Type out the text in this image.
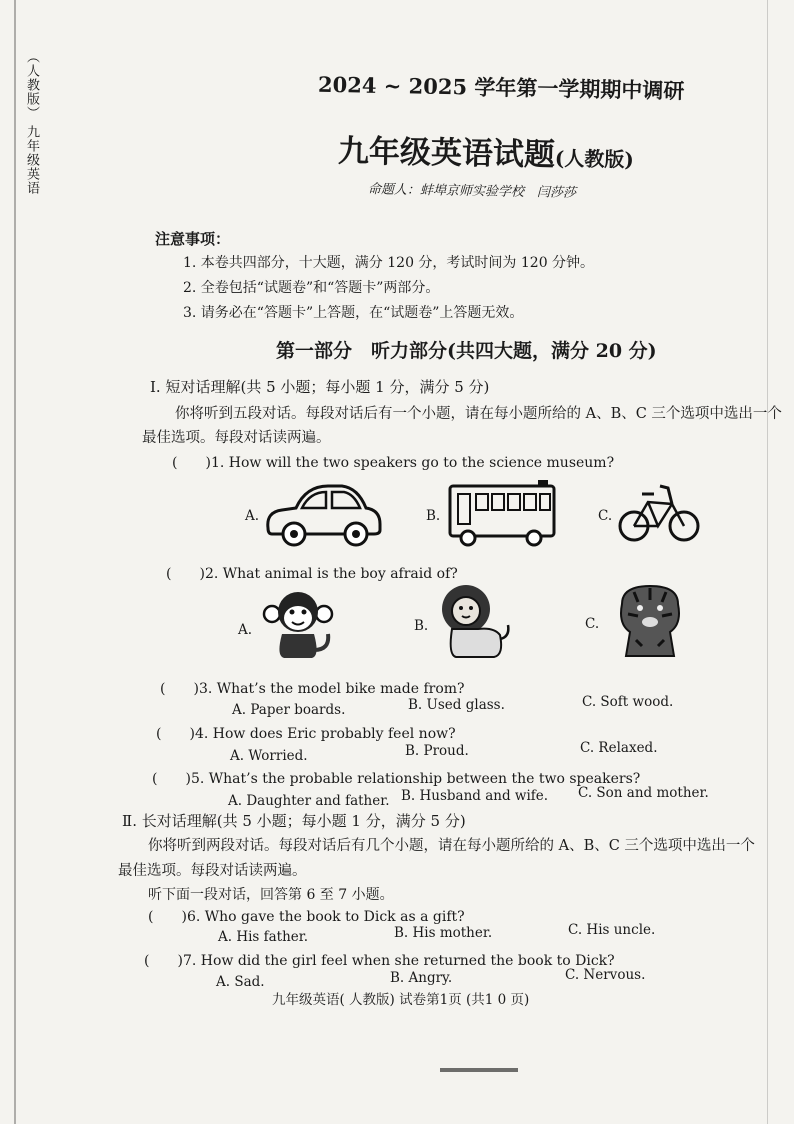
（人教版） 九年级英语	2024 ~ 2025 学年第一学期期中调研
九年级英语试题(人教版)
命题人：蚌埠京师实验学校　闫莎莎
注意事项：
1. 本卷共四部分，十大题，满分 120 分，考试时间为 120 分钟。
2. 全卷包括“试题卷”和“答题卡”两部分。
3. 请务必在“答题卡”上答题，在“试题卷”上答题无效。
第一部分　听力部分(共四大题，满分 20 分)
Ⅰ. 短对话理解(共 5 小题；每小题 1 分，满分 5 分)
你将听到五段对话。每段对话后有一个小题，请在每小题所给的 A、B、C 三个选项中选出一个
最佳选项。每段对话读两遍。
(　　)1. How will the two speakers go to the science museum?
A.	B.	C.
(　　)2. What animal is the boy afraid of?
A.	B.	C.
(　　)3. What’s the model bike made from?
A. Paper boards.	B. Used glass.	C. Soft wood.
(　　)4. How does Eric probably feel now?
A. Worried.	B. Proud.	C. Relaxed.
(　　)5. What’s the probable relationship between the two speakers?
A. Daughter and father. B. Husband and wife. C. Son and mother.
Ⅱ. 长对话理解(共 5 小题；每小题 1 分，满分 5 分)
你将听到两段对话。每段对话后有几个小题，请在每小题所给的 A、B、C 三个选项中选出一个
最佳选项。每段对话读两遍。
听下面一段对话，回答第 6 至 7 小题。
(　　)6. Who gave the book to Dick as a gift?
A. His father.	B. His mother.	C. His uncle.
(　　)7. How did the girl feel when she returned the book to Dick?
A. Sad.	B. Angry.	C. Nervous.
九年级英语( 人教版) 试卷第1页 (共1 0 页)
